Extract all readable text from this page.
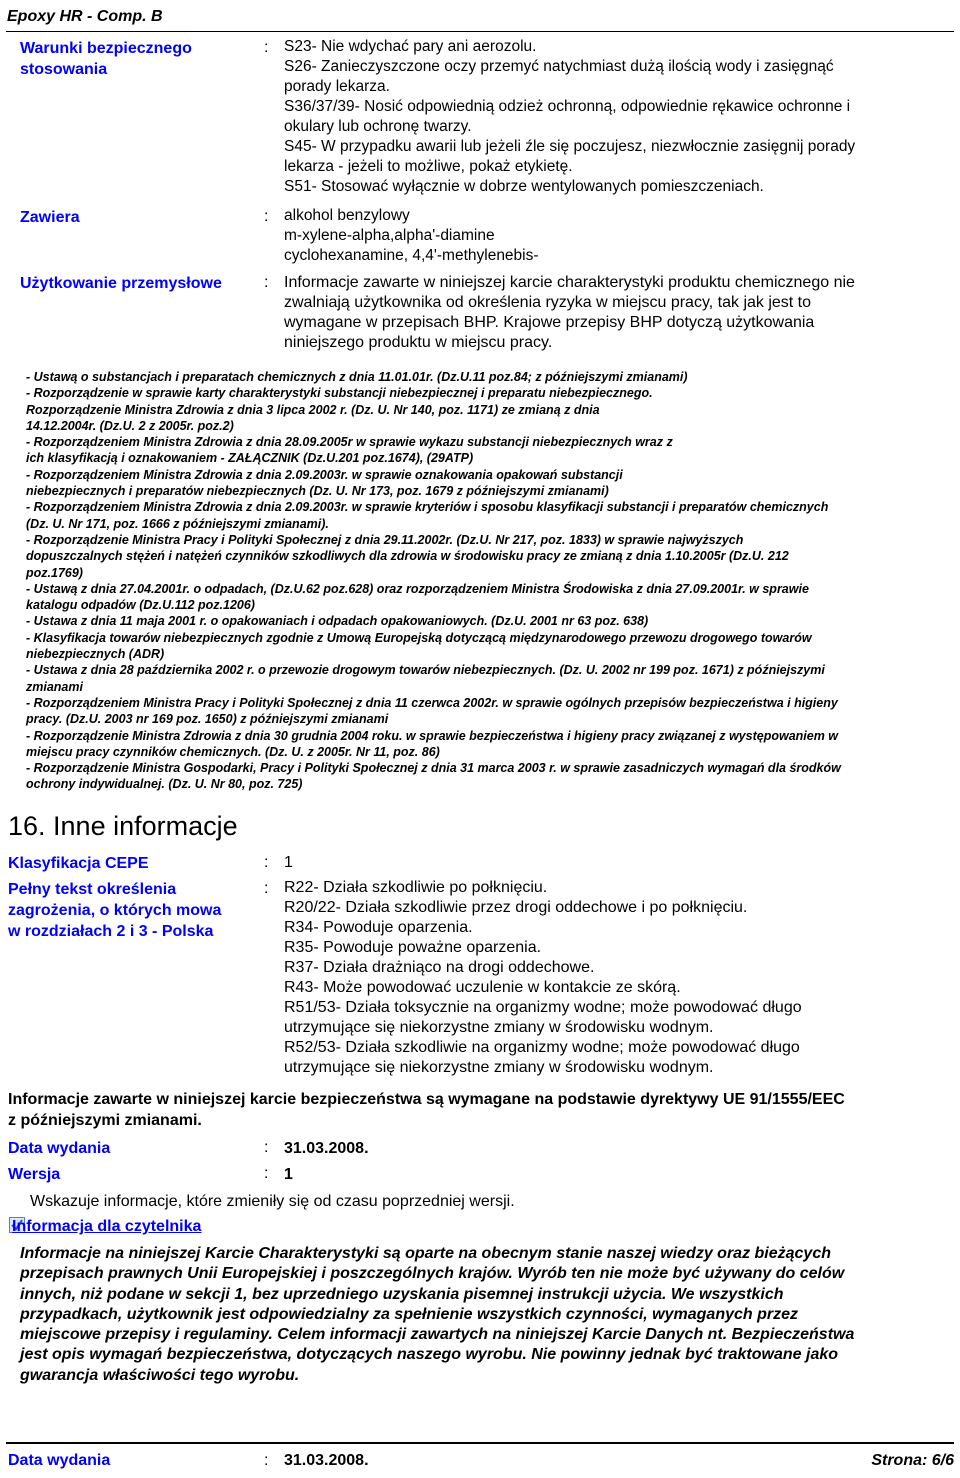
Epoxy HR - Comp. B
Warunki bezpiecznego
stosowania
: S23- Nie wdychać pary ani aerozolu.
S26- Zanieczyszczone oczy przemyć natychmiast dużą ilością wody i zasięgnąć
porady lekarza.
S36/37/39- Nosić odpowiednią odzież ochronną, odpowiednie rękawice ochronne i
okulary lub ochronę twarzy.
S45- W przypadku awarii lub jeżeli źle się poczujesz, niezwłocznie zasięgnij porady
lekarza - jeżeli to możliwe, pokaż etykietę.
S51- Stosować wyłącznie w dobrze wentylowanych pomieszczeniach.
Zawiera	: alkohol benzylowy
m-xylene-alpha,alpha'-diamine
cyclohexanamine, 4,4'-methylenebis-
Użytkowanie przemysłowe	: Informacje zawarte w niniejszej karcie charakterystyki produktu chemicznego nie
zwalniają użytkownika od określenia ryzyka w miejscu pracy, tak jak jest to
wymagane w przepisach BHP. Krajowe przepisy BHP dotyczą użytkowania
niniejszego produktu w miejscu pracy.
- Ustawą o substancjach i preparatach chemicznych z dnia 11.01.01r. (Dz.U.11 poz.84; z późniejszymi zmianami)
- Rozporządzenie w sprawie karty charakterystyki substancji niebezpiecznej i preparatu niebezpiecznego.
Rozporządzenie Ministra Zdrowia z dnia 3 lipca 2002 r. (Dz. U. Nr 140, poz. 1171) ze zmianą z dnia
14.12.2004r. (Dz.U. 2 z 2005r. poz.2)
- Rozporządzeniem Ministra Zdrowia z dnia 28.09.2005r w sprawie wykazu substancji niebezpiecznych wraz z
ich klasyfikacją i oznakowaniem - ZAŁĄCZNIK (Dz.U.201 poz.1674), (29ATP)
- Rozporządzeniem Ministra Zdrowia z dnia 2.09.2003r. w sprawie oznakowania opakowań substancji
niebezpiecznych i preparatów niebezpiecznych (Dz. U. Nr 173, poz. 1679 z późniejszymi zmianami)
- Rozporządzeniem Ministra Zdrowia z dnia 2.09.2003r. w sprawie kryteriów i sposobu klasyfikacji substancji i preparatów chemicznych
(Dz. U. Nr 171, poz. 1666 z późniejszymi zmianami).
- Rozporządzenie Ministra Pracy i Polityki Społecznej z dnia 29.11.2002r. (Dz.U. Nr 217, poz. 1833) w sprawie najwyższych
dopuszczalnych stężeń i natężeń czynników szkodliwych dla zdrowia w środowisku pracy ze zmianą z dnia 1.10.2005r (Dz.U. 212
poz.1769)
- Ustawą z dnia 27.04.2001r. o odpadach, (Dz.U.62 poz.628) oraz rozporządzeniem Ministra Środowiska z dnia 27.09.2001r. w sprawie
katalogu odpadów (Dz.U.112 poz.1206)
- Ustawa z dnia 11 maja 2001 r. o opakowaniach i odpadach opakowaniowych. (Dz.U. 2001 nr 63 poz. 638)
- Klasyfikacja towarów niebezpiecznych zgodnie z Umową Europejską dotyczącą międzynarodowego przewozu drogowego towarów
niebezpiecznych (ADR)
- Ustawa z dnia 28 października 2002 r. o przewozie drogowym towarów niebezpiecznych. (Dz. U. 2002 nr 199 poz. 1671) z późniejszymi
zmianami
- Rozporządzeniem Ministra Pracy i Polityki Społecznej z dnia 11 czerwca 2002r. w sprawie ogólnych przepisów bezpieczeństwa i higieny
pracy. (Dz.U. 2003 nr 169 poz. 1650) z późniejszymi zmianami
- Rozporządzenie Ministra Zdrowia z dnia 30 grudnia 2004 roku. w sprawie bezpieczeństwa i higieny pracy związanej z występowaniem w
miejscu pracy czynników chemicznych. (Dz. U. z 2005r. Nr 11, poz. 86)
- Rozporządzenie Ministra Gospodarki, Pracy i Polityki Społecznej z dnia 31 marca 2003 r. w sprawie zasadniczych wymagań dla środków
ochrony indywidualnej. (Dz. U. Nr 80, poz. 725)
16. Inne informacje
Klasyfikacja CEPE	: 1
Pełny tekst określenia
zagrożenia, o których mowa
w rozdziałach 2 i 3 - Polska
: R22- Działa szkodliwie po połknięciu.
R20/22- Działa szkodliwie przez drogi oddechowe i po połknięciu.
R34- Powoduje oparzenia.
R35- Powoduje poważne oparzenia.
R37- Działa drażniąco na drogi oddechowe.
R43- Może powodować uczulenie w kontakcie ze skórą.
R51/53- Działa toksycznie na organizmy wodne; może powodować długo
utrzymujące się niekorzystne zmiany w środowisku wodnym.
R52/53- Działa szkodliwie na organizmy wodne; może powodować długo
utrzymujące się niekorzystne zmiany w środowisku wodnym.
Informacje zawarte w niniejszej karcie bezpieczeństwa są wymagane na podstawie dyrektywy UE 91/1555/EEC
z późniejszymi zmianami.
Data wydania	: 31.03.2008.
Wersja	: 1
Wskazuje informacje, które zmieniły się od czasu poprzedniej wersji.
Informacja dla czytelnika
Informacje na niniejszej Karcie Charakterystyki są oparte na obecnym stanie naszej wiedzy oraz bieżących
przepisach prawnych Unii Europejskiej i poszczególnych krajów. Wyrób ten nie może być używany do celów
innych, niż podane w sekcji 1, bez uprzedniego uzyskania pisemnej instrukcji użycia. We wszystkich
przypadkach, użytkownik jest odpowiedzialny za spełnienie wszystkich czynności, wymaganych przez
miejscowe przepisy i regulaminy. Celem informacji zawartych na niniejszej Karcie Danych nt. Bezpieczeństwa
jest opis wymagań bezpieczeństwa, dotyczących naszego wyrobu. Nie powinny jednak być traktowane jako
gwarancja właściwości tego wyrobu.
Data wydania	: 31.03.2008.	Strona: 6/6
